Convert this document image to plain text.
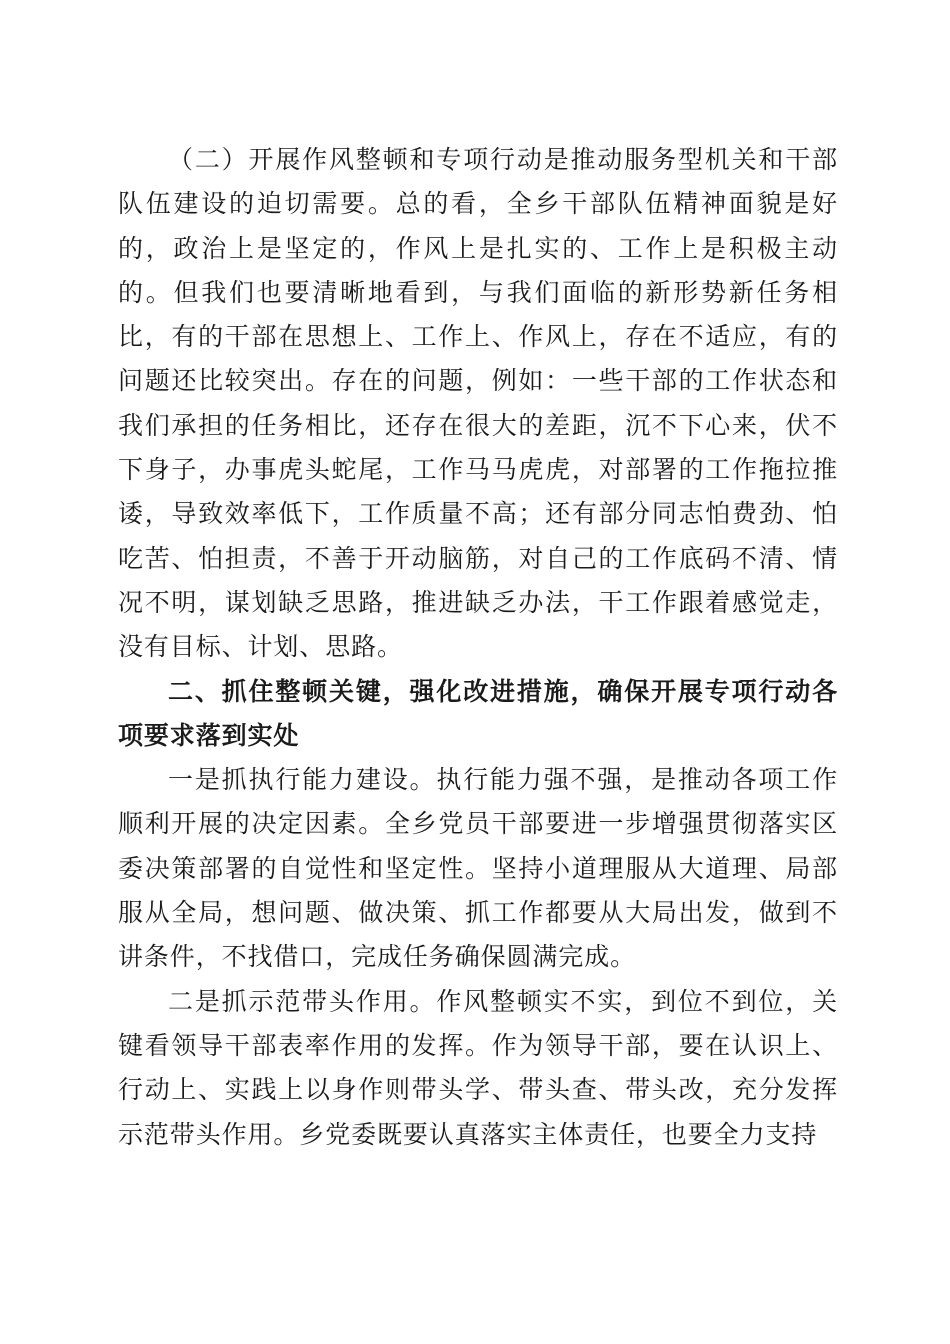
（二）开展作风整顿和专项行动是推动服务型机关和干部队伍建设的迫切需要。总的看，全乡干部队伍精神面貌是好的，政治上是坚定的，作风上是扎实的、工作上是积极主动的。但我们也要清晰地看到，与我们面临的新形势新任务相比，有的干部在思想上、工作上、作风上，存在不适应，有的问题还比较突出。存在的问题，例如：一些干部的工作状态和我们承担的任务相比，还存在很大的差距，沉不下心来，伏不下身子，办事虎头蛇尾，工作马马虎虎，对部署的工作拖拉推诿，导致效率低下，工作质量不高；还有部分同志怕费劲、怕吃苦、怕担责，不善于开动脑筋，对自己的工作底码不清、情况不明，谋划缺乏思路，推进缺乏办法，干工作跟着感觉走，没有目标、计划、思路。

二、抓住整顿关键，强化改进措施，确保开展专项行动各项要求落到实处

一是抓执行能力建设。执行能力强不强，是推动各项工作顺利开展的决定因素。全乡党员干部要进一步增强贯彻落实区委决策部署的自觉性和坚定性。坚持小道理服从大道理、局部服从全局，想问题、做决策、抓工作都要从大局出发，做到不讲条件，不找借口，完成任务确保圆满完成。

二是抓示范带头作用。作风整顿实不实，到位不到位，关键看领导干部表率作用的发挥。作为领导干部，要在认识上、行动上、实践上以身作则带头学、带头查、带头改，充分发挥示范带头作用。乡党委既要认真落实主体责任，也要全力支持
